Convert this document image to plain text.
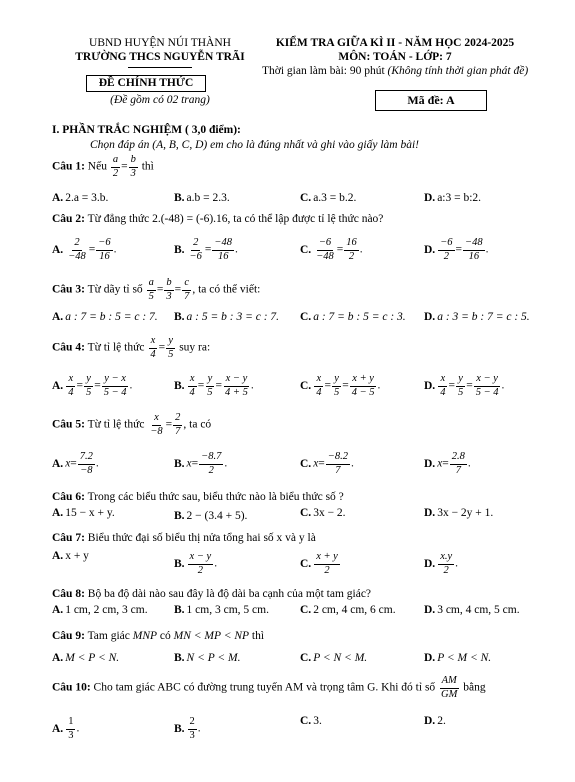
UBND HUYỆN NÚI THÀNH
TRƯỜNG THCS NGUYỄN TRÃI
ĐỀ CHÍNH THỨC
(Đề gồm có 02 trang)
KIỂM TRA GIỮA KÌ II - NĂM HỌC 2024-2025
MÔN: TOÁN - LỚP: 7
Thời gian làm bài: 90 phút (Không tính thời gian phát đề)
Mã đề: A
I. PHẦN TRẮC NGHIỆM ( 3,0 điểm):
Chọn đáp án (A, B, C, D) em cho là đúng nhất và ghi vào giấy làm bài!
Câu 1: Nếu $\frac{a}{2} = \frac{b}{3}$ thì
A. 2.a = 3.b.	B. a.b = 2.3.	C. a.3 = b.2.	D. a:3 = b:2.
Câu 2: Từ đẳng thức 2.(-48) = (-6).16, ta có thể lập được tỉ lệ thức nào?
A. $\frac{2}{-48} = \frac{-6}{16}$ .	B. $\frac{2}{-6} = \frac{-48}{16}$ .	C. $\frac{-6}{-48} = \frac{16}{2}$ .	D. $\frac{-6}{2} = \frac{-48}{16}$ .
Câu 3: Từ dãy tỉ số $\frac{a}{5} = \frac{b}{3} = \frac{c}{7}$ , ta có thể viết:
A. a : 7 = b : 5 = c : 7. B. a : 5 = b : 3 = c : 7. C. a : 7 = b : 5 = c : 3. D. a : 3 = b : 7 = c : 5.
Câu 4: Từ tỉ lệ thức $\frac{x}{4} = \frac{y}{5}$ suy ra:
A. $\frac{x}{4} = \frac{y}{5} = \frac{y - x}{5 - 4}$ .	B. $\frac{x}{4} = \frac{y}{5} = \frac{x - y}{4 + 5}$ .	C. $\frac{x}{4} = \frac{y}{5} = \frac{x + y}{4 - 5}$ .	D. $\frac{x}{4} = \frac{y}{5} = \frac{x - y}{5 - 4}$ .
Câu 5: Từ tỉ lệ thức $\frac{x}{-8} = \frac{2}{7}$ , ta có
A. $x= \frac{7.2}{-8}$ .	B. $x= \frac{-8.7}{2}$ .	C. $x= \frac{-8.2}{7}$ .	D. $x= \frac{2.8}{7}$ .
Câu 6: Trong các biểu thức sau, biểu thức nào là biểu thức số ?
A. 15 − x + y.	B. 2 − (3.4 + 5).	C. 3x − 2.	D. 3x − 2y + 1.
Câu 7: Biểu thức đại số biểu thị nửa tổng hai số x và y là
A. x + y
B. $\frac{x - y}{2}$ .	C. $\frac{x + y}{2}$	D. $\frac{x.y}{2}$ .
Câu 8: Bộ ba độ dài nào sau đây là độ dài ba cạnh của một tam giác?
A. 1 cm, 2 cm, 3 cm. B. 1 cm, 3 cm, 5 cm.	C. 2 cm, 4 cm, 6 cm. D. 3 cm, 4 cm, 5 cm.
Câu 9: Tam giác MNP có MN < MP < NP thì
A. M < P < N.	B. N < P < M.	C. P < N < M.	D. P < M < N.
Câu 10: Cho tam giác ABC có đường trung tuyến AM và trọng tâm G. Khi đó tỉ số $\frac{AM}{GM}$ bằng
A. $\frac{1}{3}$ .	B. $\frac{2}{3}$ .
C. 3.	D. 2.
